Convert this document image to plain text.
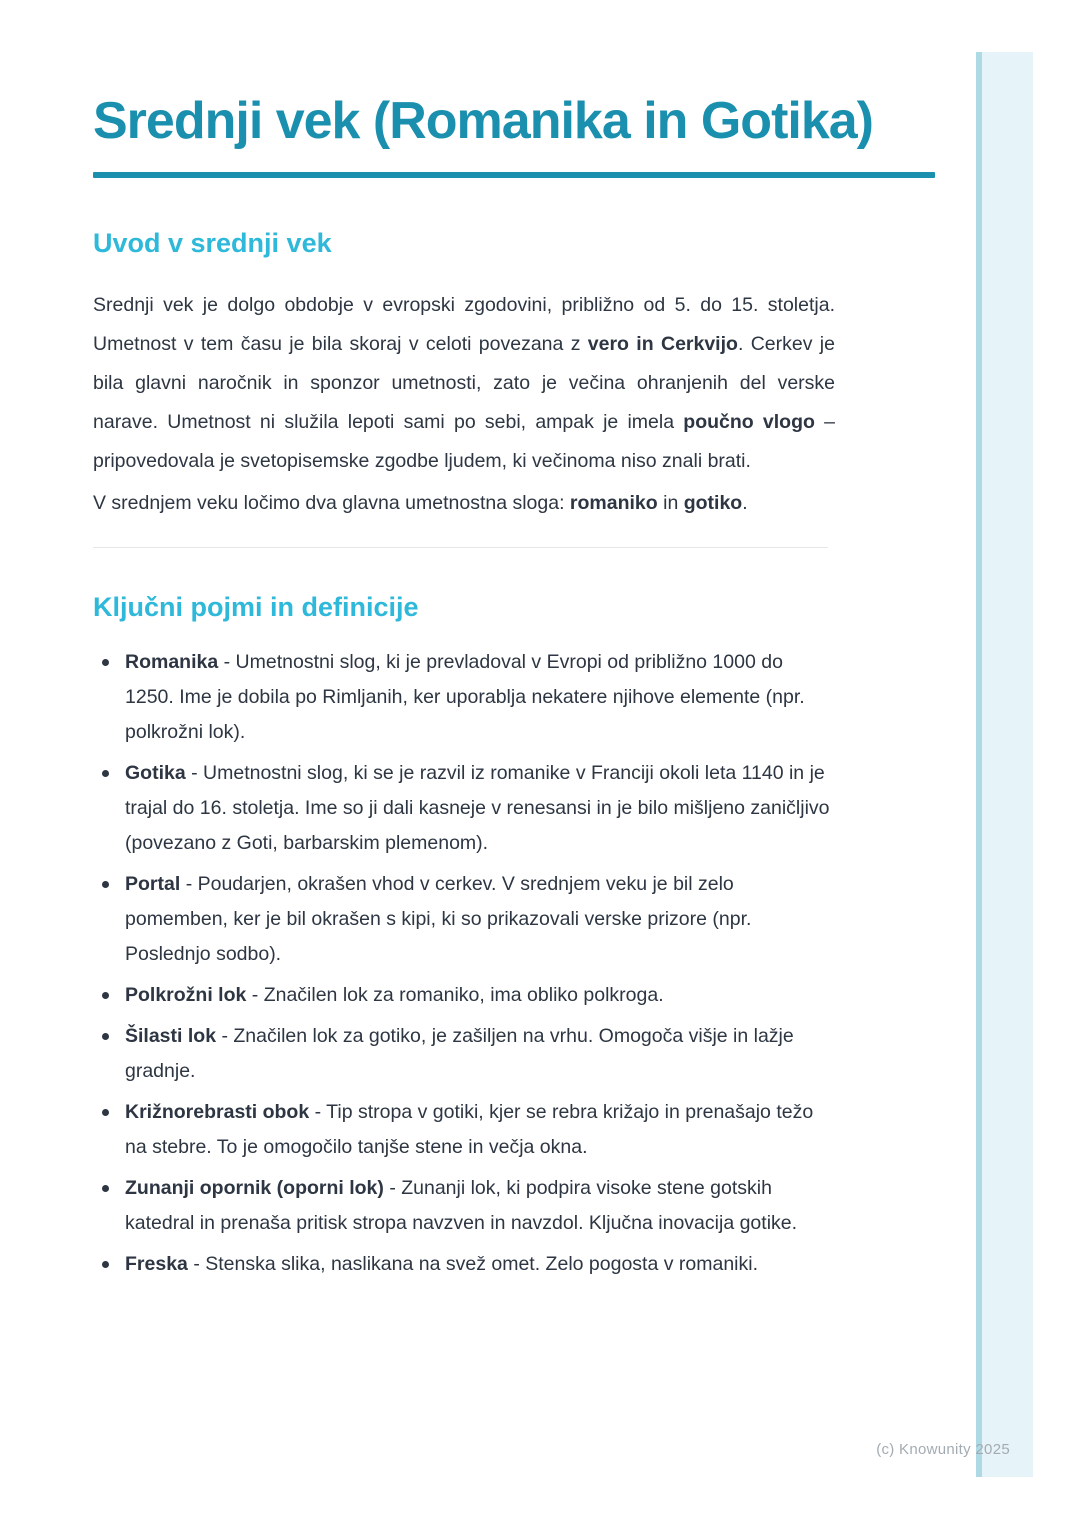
Srednji vek (Romanika in Gotika)
Uvod v srednji vek

Srednji vek je dolgo obdobje v evropski zgodovini, približno od 5. do 15. stoletja. Umetnost v tem času je bila skoraj v celoti povezana z vero in Cerkvijo. Cerkev je bila glavni naročnik in sponzor umetnosti, zato je večina ohranjenih del verske narave. Umetnost ni služila lepoti sami po sebi, ampak je imela poučno vlogo – pripovedovala je svetopisemske zgodbe ljudem, ki večinoma niso znali brati.

V srednjem veku ločimo dva glavna umetnostna sloga: romaniko in gotiko.

Ključni pojmi in definicije
Romanika - Umetnostni slog, ki je prevladoval v Evropi od približno 1000 do 1250. Ime je dobila po Rimljanih, ker uporablja nekatere njihove elemente (npr. polkrožni lok).
Gotika - Umetnostni slog, ki se je razvil iz romanike v Franciji okoli leta 1140 in je trajal do 16. stoletja. Ime so ji dali kasneje v renesansi in je bilo mišljeno zaničljivo (povezano z Goti, barbarskim plemenom).
Portal - Poudarjen, okrašen vhod v cerkev. V srednjem veku je bil zelo pomemben, ker je bil okrašen s kipi, ki so prikazovali verske prizore (npr. Poslednjo sodbo).
Polkrožni lok - Značilen lok za romaniko, ima obliko polkroga.
Šilasti lok - Značilen lok za gotiko, je zašiljen na vrhu. Omogoča višje in lažje gradnje.
Križnorebrasti obok - Tip stropa v gotiki, kjer se rebra križajo in prenašajo težo na stebre. To je omogočilo tanjše stene in večja okna.
Zunanji opornik (oporni lok) - Zunanji lok, ki podpira visoke stene gotskih katedral in prenaša pritisk stropa navzven in navzdol. Ključna inovacija gotike.
Freska - Stenska slika, naslikana na svež omet. Zelo pogosta v romaniki.
(c) Knowunity 2025
